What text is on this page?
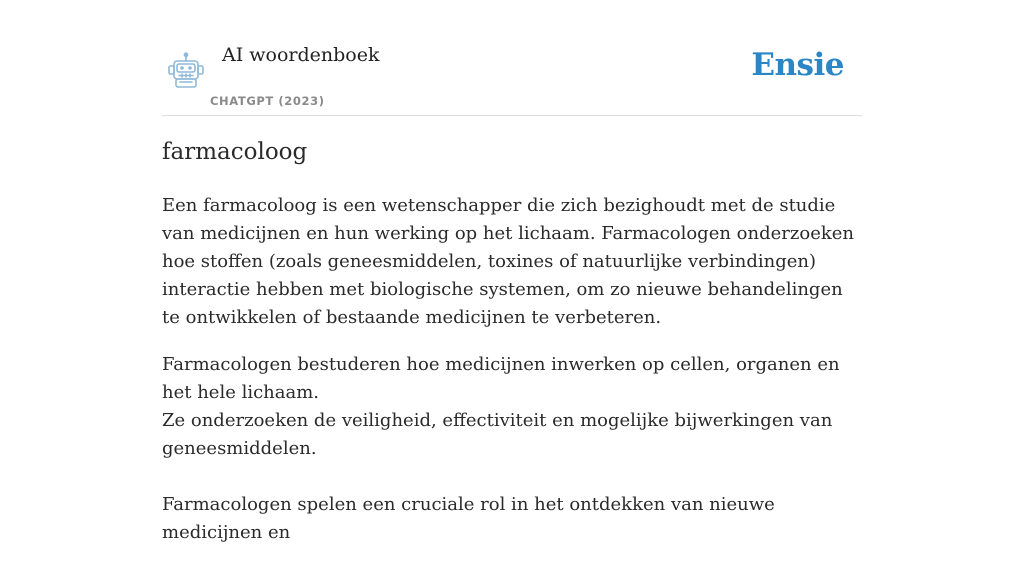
AI woordenboek
CHATGPT (2023)
Ensie
farmacoloog

Een farmacoloog is een wetenschapper die zich bezighoudt met de studie van medicijnen en hun werking op het lichaam. Farmacologen onderzoeken hoe stoffen (zoals geneesmiddelen, toxines of natuurlijke verbindingen) interactie hebben met biologische systemen, om zo nieuwe behandelingen te ontwikkelen of bestaande medicijnen te verbeteren.

Farmacologen bestuderen hoe medicijnen inwerken op cellen, organen en het hele lichaam.
Ze onderzoeken de veiligheid, effectiviteit en mogelijke bijwerkingen van geneesmiddelen.

Farmacologen spelen een cruciale rol in het ontdekken van nieuwe medicijnen en
